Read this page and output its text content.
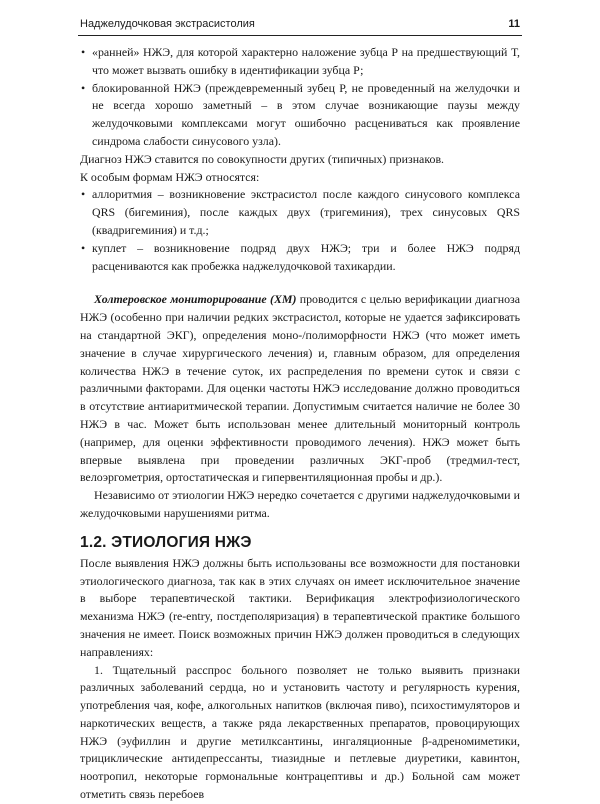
Наджелудочковая экстрасистолия	11
• «ранней» НЖЭ, для которой характерно наложение зубца Р на предшествующий Т, что может вызвать ошибку в идентификации зубца Р;
• блокированной НЖЭ (преждевременный зубец Р, не проведенный на желудочки и не всегда хорошо заметный – в этом случае возникающие паузы между желудочковыми комплексами могут ошибочно расцениваться как проявление синдрома слабости синусового узла).

Диагноз НЖЭ ставится по совокупности других (типичных) признаков.
К особым формам НЖЭ относятся:

• аллоритмия – возникновение экстрасистол после каждого синусового комплекса QRS (бигеминия), после каждых двух (тригеминия), трех синусовых QRS (квадригеминия) и т.д.;
• куплет – возникновение подряд двух НЖЭ; три и более НЖЭ подряд расцениваются как пробежка наджелудочковой тахикардии.

Холтеровское мониторирование (ХМ) проводится с целью верификации диагноза НЖЭ (особенно при наличии редких экстрасистол, которые не удается зафиксировать на стандартной ЭКГ), определения моно-/полиморфности НЖЭ (что может иметь значение в случае хирургического лечения) и, главным образом, для определения количества НЖЭ в течение суток, их распределения по времени суток и связи с различными факторами. Для оценки частоты НЖЭ исследование должно проводиться в отсутствие антиаритмической терапии. Допустимым считается наличие не более 30 НЖЭ в час. Может быть использован менее длительный мониторный контроль (например, для оценки эффективности проводимого лечения). НЖЭ может быть впервые выявлена при проведении различных ЭКГ-проб (тредмил-тест, велоэргометрия, ортостатическая и гипервентиляционная пробы и др.).

Независимо от этиологии НЖЭ нередко сочетается с другими наджелудочковыми и желудочковыми нарушениями ритма.

1.2. ЭТИОЛОГИЯ НЖЭ

После выявления НЖЭ должны быть использованы все возможности для постановки этиологического диагноза, так как в этих случаях он имеет исключительное значение в выборе терапевтической тактики. Верификация электрофизиологического механизма НЖЭ (re-entry, постдеполяризация) в терапевтической практике большого значения не имеет. Поиск возможных причин НЖЭ должен проводиться в следующих направлениях:

1. Тщательный расспрос больного позволяет не только выявить признаки различных заболеваний сердца, но и установить частоту и регулярность курения, употребления чая, кофе, алкогольных напитков (включая пиво), психостимуляторов и наркотических веществ, а также ряда лекарственных препаратов, провоцирующих НЖЭ (эуфиллин и другие метилксантины, ингаляционные β-адреномиметики, трициклические антидепрессанты, тиазидные и петлевые диуретики, кавинтон, ноотропил, некоторые гормональные контрацептивы и др.) Больной сам может отметить связь перебоев
